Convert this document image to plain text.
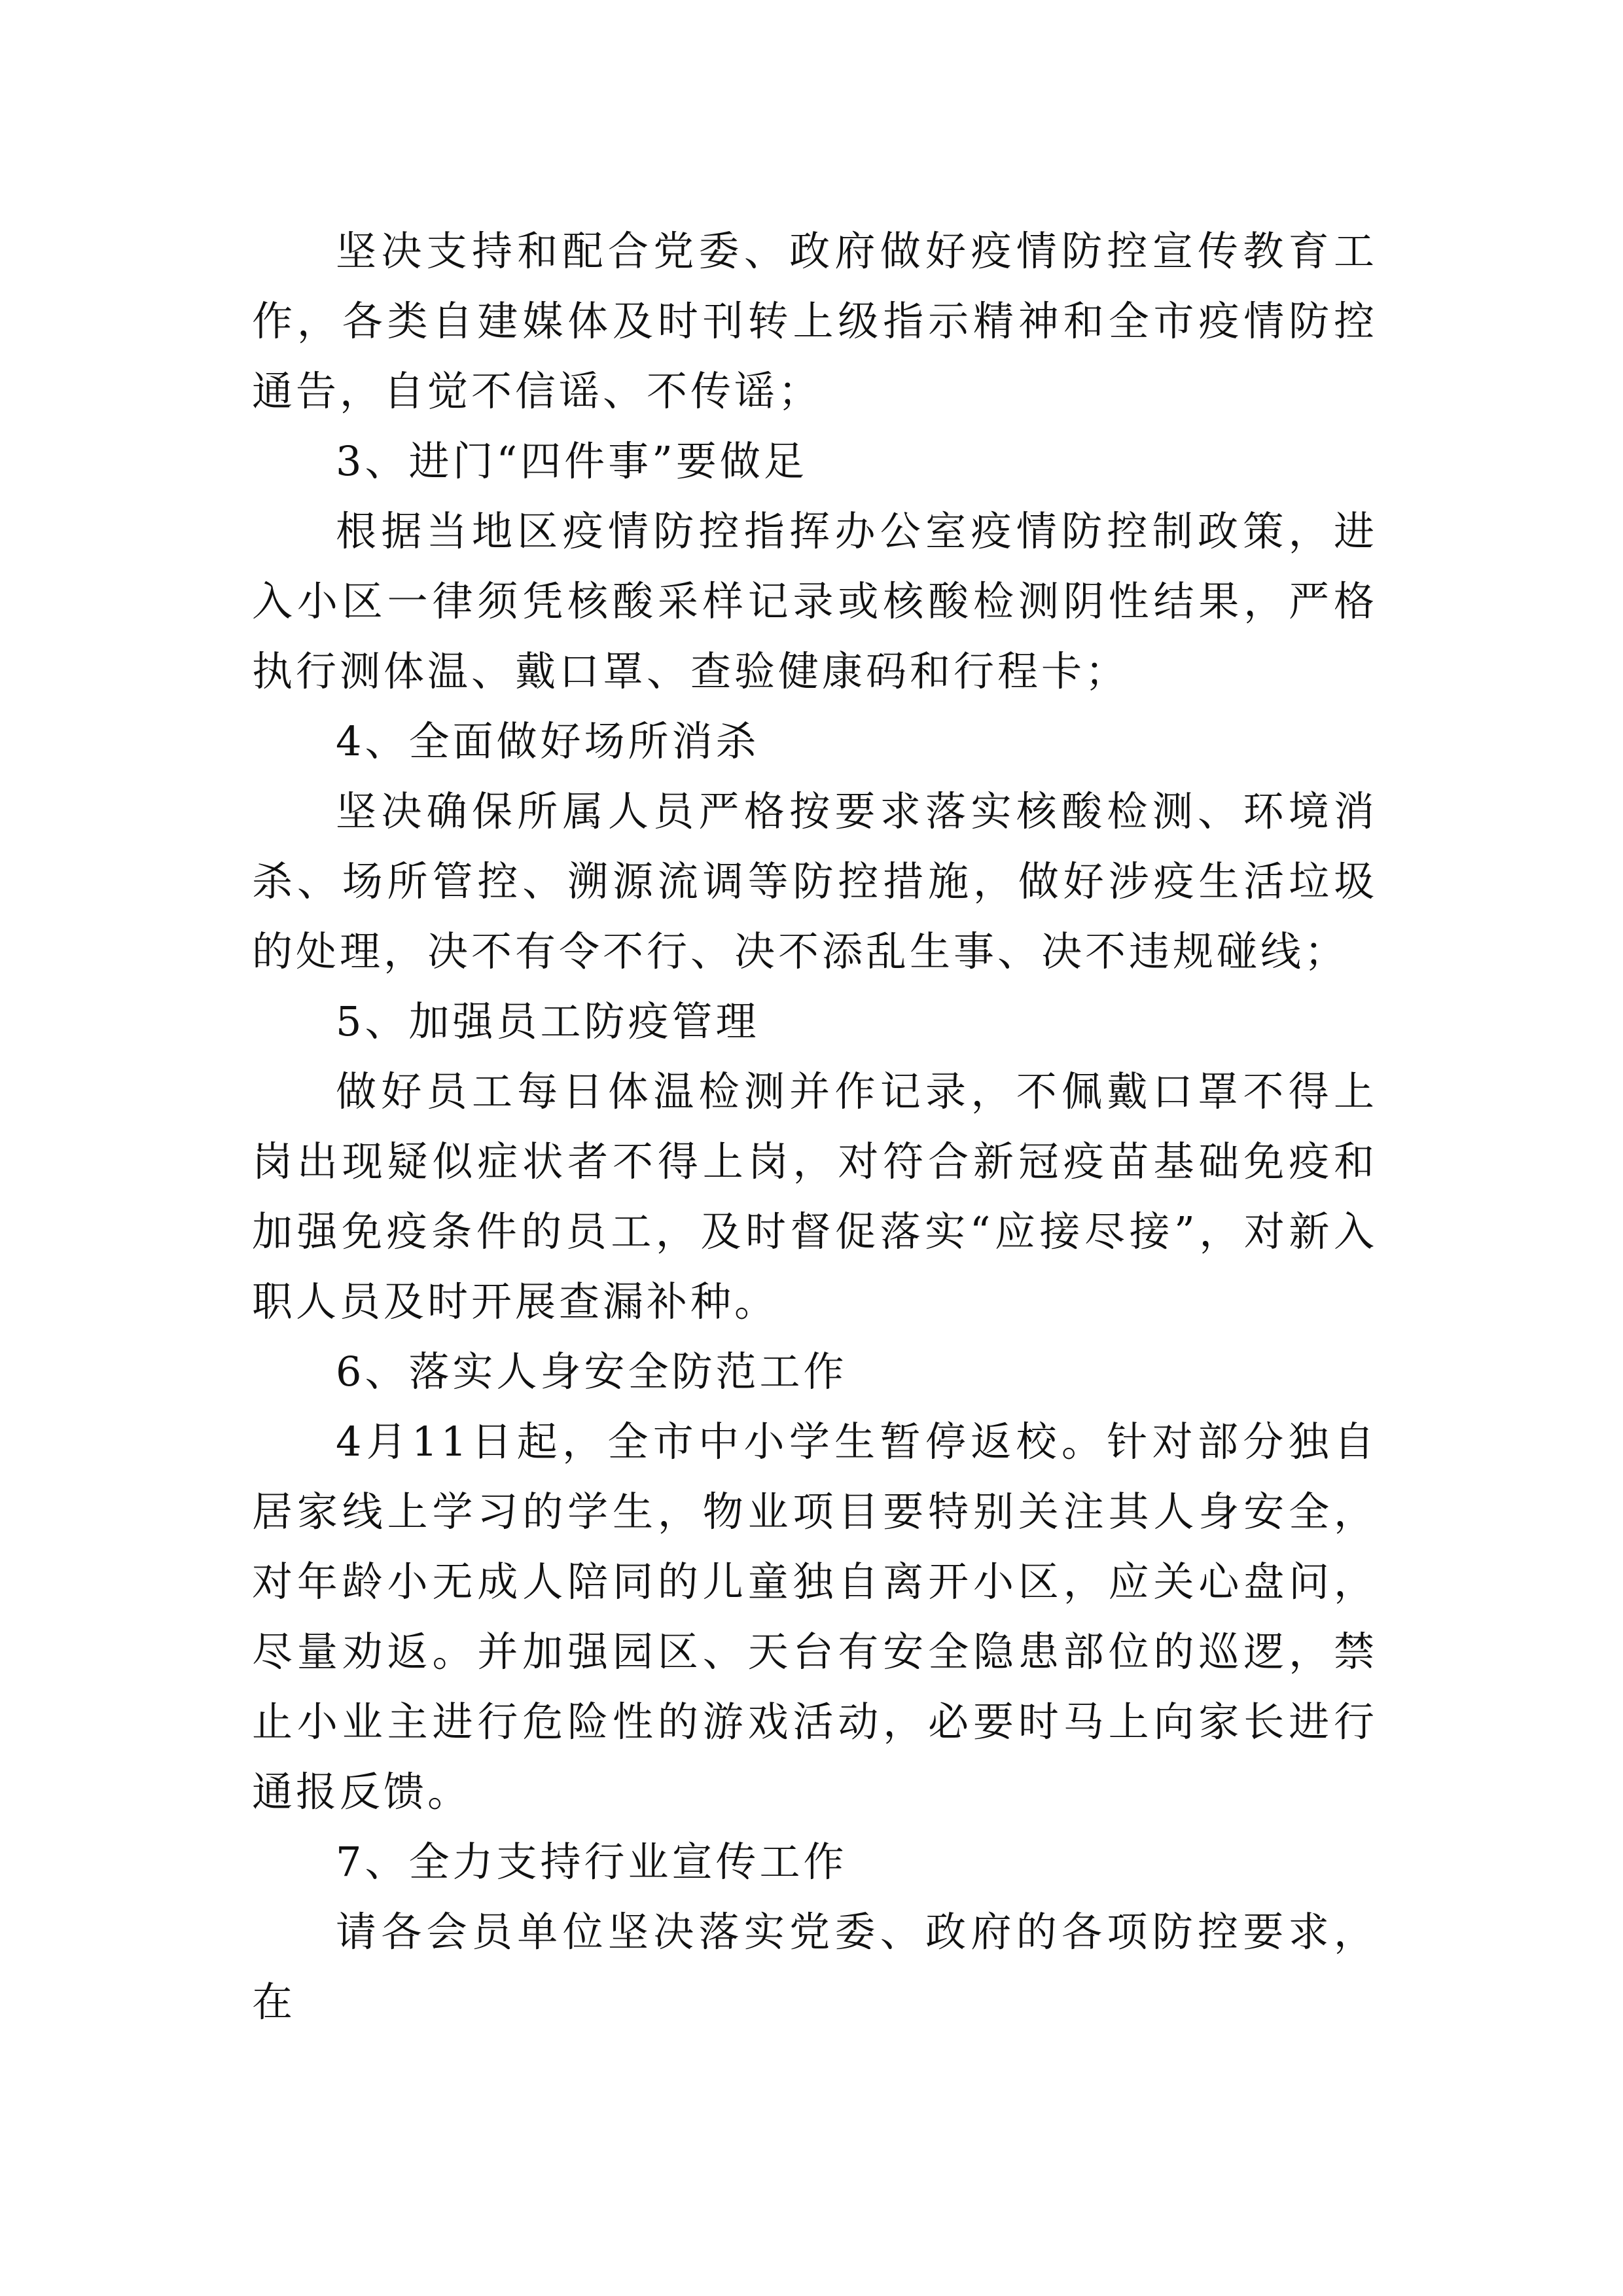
坚决支持和配合党委、政府做好疫情防控宣传教育工作，各类自建媒体及时刊转上级指示精神和全市疫情防控通告，自觉不信谣、不传谣；

3、进门“四件事”要做足

根据当地区疫情防控指挥办公室疫情防控制政策，进入小区一律须凭核酸采样记录或核酸检测阴性结果，严格执行测体温、戴口罩、查验健康码和行程卡；

4、全面做好场所消杀

坚决确保所属人员严格按要求落实核酸检测、环境消杀、场所管控、溯源流调等防控措施，做好涉疫生活垃圾的处理，决不有令不行、决不添乱生事、决不违规碰线；

5、加强员工防疫管理

做好员工每日体温检测并作记录，不佩戴口罩不得上岗出现疑似症状者不得上岗，对符合新冠疫苗基础免疫和加强免疫条件的员工，及时督促落实“应接尽接”，对新入职人员及时开展查漏补种。

6、落实人身安全防范工作

4月11日起，全市中小学生暂停返校。针对部分独自居家线上学习的学生，物业项目要特别关注其人身安全，对年龄小无成人陪同的儿童独自离开小区，应关心盘问，尽量劝返。并加强园区、天台有安全隐患部位的巡逻，禁止小业主进行危险性的游戏活动，必要时马上向家长进行通报反馈。

7、全力支持行业宣传工作

请各会员单位坚决落实党委、政府的各项防控要求，在
